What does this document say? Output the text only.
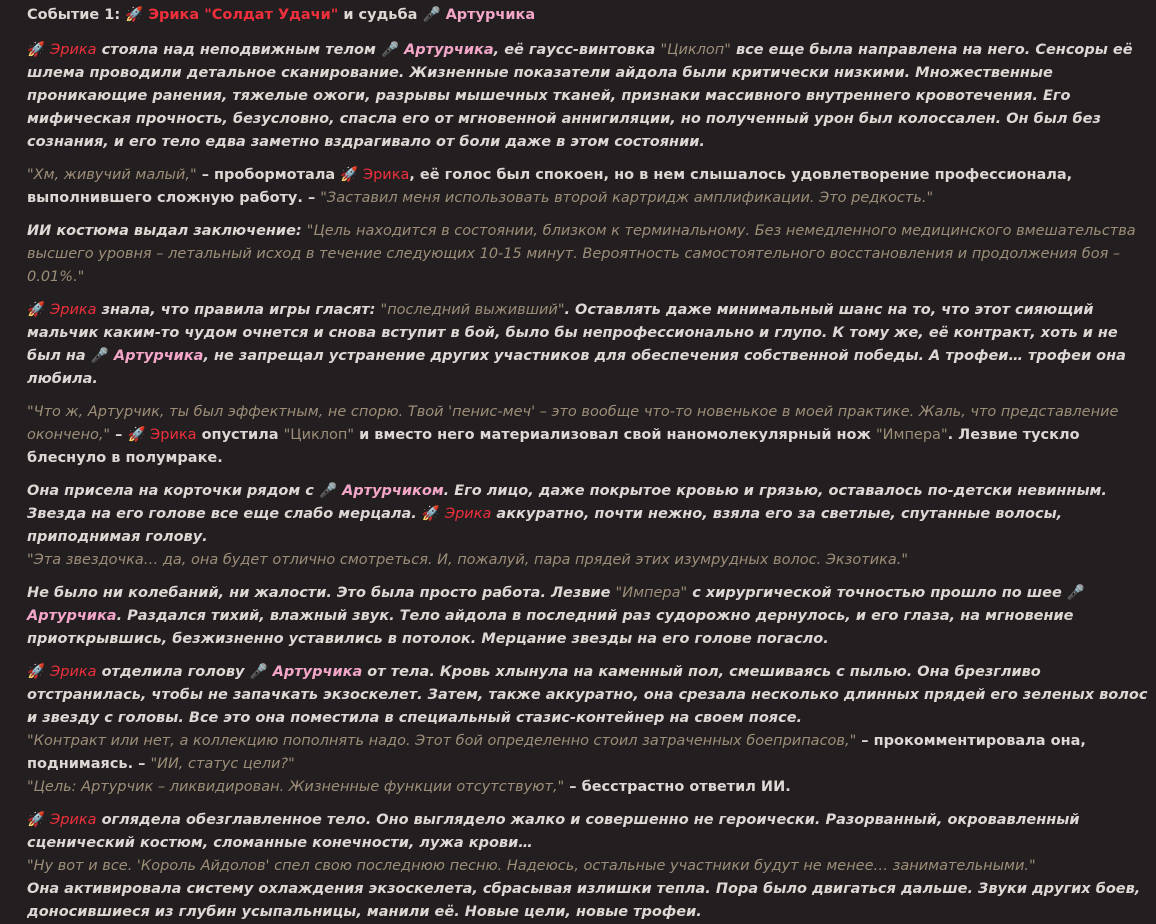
Событие 1: 🚀 Эрика "Солдат Удачи" и судьба 🎤 Артурчика

🚀 Эрика стояла над неподвижным телом 🎤 Артурчика, её гаусс-винтовка "Циклоп" все еще была направлена на него. Сенсоры её шлема проводили детальное сканирование. Жизненные показатели айдола были критически низкими. Множественные проникающие ранения, тяжелые ожоги, разрывы мышечных тканей, признаки массивного внутреннего кровотечения. Его мифическая прочность, безусловно, спасла его от мгновенной аннигиляции, но полученный урон был колоссален. Он был без сознания, и его тело едва заметно вздрагивало от боли даже в этом состоянии.

"Хм, живучий малый," – пробормотала 🚀 Эрика, её голос был спокоен, но в нем слышалось удовлетворение профессионала, выполнившего сложную работу. – "Заставил меня использовать второй картридж амплификации. Это редкость."

ИИ костюма выдал заключение: "Цель находится в состоянии, близком к терминальному. Без немедленного медицинского вмешательства высшего уровня – летальный исход в течение следующих 10-15 минут. Вероятность самостоятельного восстановления и продолжения боя – 0.01%."

🚀 Эрика знала, что правила игры гласят: "последний выживший". Оставлять даже минимальный шанс на то, что этот сияющий мальчик каким-то чудом очнется и снова вступит в бой, было бы непрофессионально и глупо. К тому же, её контракт, хоть и не был на 🎤 Артурчика, не запрещал устранение других участников для обеспечения собственной победы. А трофеи… трофеи она любила.

"Что ж, Артурчик, ты был эффектным, не спорю. Твой 'пенис-меч' – это вообще что-то новенькое в моей практике. Жаль, что представление окончено," – 🚀 Эрика опустила "Циклоп" и вместо него материализовал свой наномолекулярный нож "Импера". Лезвие тускло блеснуло в полумраке.

Она присела на корточки рядом с 🎤 Артурчиком. Его лицо, даже покрытое кровью и грязью, оставалось по-детски невинным. Звезда на его голове все еще слабо мерцала. 🚀 Эрика аккуратно, почти нежно, взяла его за светлые, спутанные волосы, приподнимая голову.
"Эта звездочка… да, она будет отлично смотреться. И, пожалуй, пара прядей этих изумрудных волос. Экзотика."

Не было ни колебаний, ни жалости. Это была просто работа. Лезвие "Импера" с хирургической точностью прошло по шее 🎤 Артурчика. Раздался тихий, влажный звук. Тело айдола в последний раз судорожно дернулось, и его глаза, на мгновение приоткрывшись, безжизненно уставились в потолок. Мерцание звезды на его голове погасло.

🚀 Эрика отделила голову 🎤 Артурчика от тела. Кровь хлынула на каменный пол, смешиваясь с пылью. Она брезгливо отстранилась, чтобы не запачкать экзоскелет. Затем, также аккуратно, она срезала несколько длинных прядей его зеленых волос и звезду с головы. Все это она поместила в специальный стазис-контейнер на своем поясе.
"Контракт или нет, а коллекцию пополнять надо. Этот бой определенно стоил затраченных боеприпасов," – прокомментировала она, поднимаясь. – "ИИ, статус цели?"
"Цель: Артурчик – ликвидирован. Жизненные функции отсутствуют," – бесстрастно ответил ИИ.

🚀 Эрика оглядела обезглавленное тело. Оно выглядело жалко и совершенно не героически. Разорванный, окровавленный сценический костюм, сломанные конечности, лужа крови…
"Ну вот и все. 'Король Айдолов' спел свою последнюю песню. Надеюсь, остальные участники будут не менее… занимательными."
Она активировала систему охлаждения экзоскелета, сбрасывая излишки тепла. Пора было двигаться дальше. Звуки других боев, доносившиеся из глубин усыпальницы, манили её. Новые цели, новые трофеи.
